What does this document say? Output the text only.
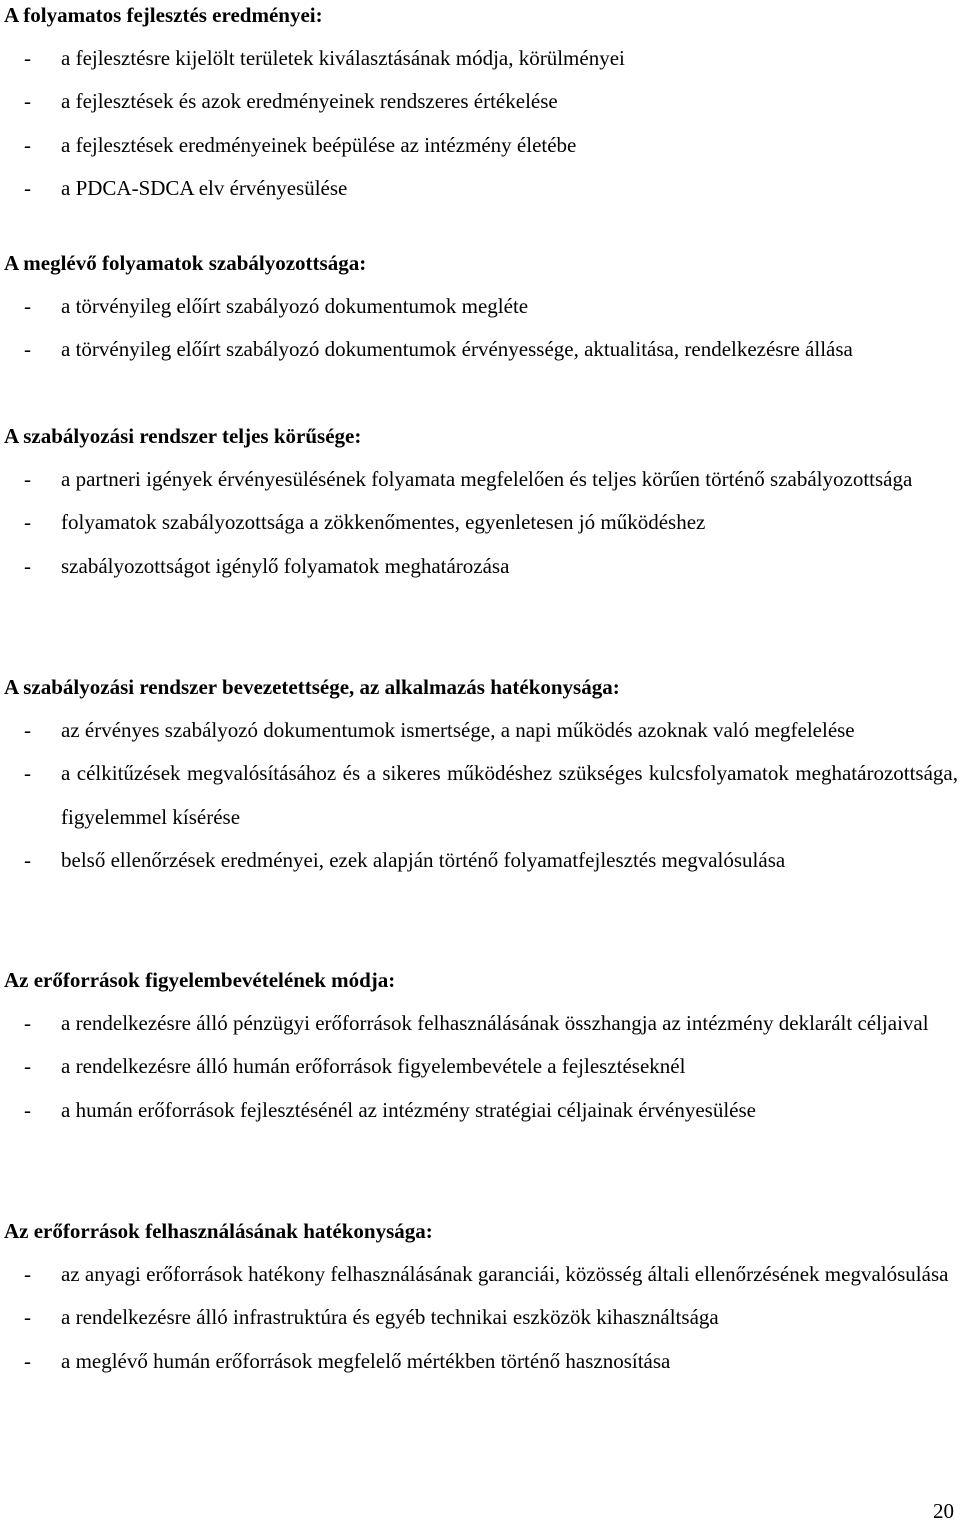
A folyamatos fejlesztés eredményei:
- a fejlesztésre kijelölt területek kiválasztásának módja, körülményei
- a fejlesztések és azok eredményeinek rendszeres értékelése
- a fejlesztések eredményeinek beépülése az intézmény életébe
- a PDCA-SDCA elv érvényesülése
A meglévő folyamatok szabályozottsága:
- a törvényileg előírt szabályozó dokumentumok megléte
- a törvényileg előírt szabályozó dokumentumok érvényessége, aktualitása, rendelkezésre állása
A szabályozási rendszer teljes körűsége:
- a partneri igények érvényesülésének folyamata megfelelően és teljes körűen történő szabályozottsága
- folyamatok szabályozottsága a zökkenőmentes, egyenletesen jó működéshez
- szabályozottságot igénylő folyamatok meghatározása
A szabályozási rendszer bevezetettsége, az alkalmazás hatékonysága:
- az érvényes szabályozó dokumentumok ismertsége, a napi működés azoknak való megfelelése
- a célkitűzések megvalósításához és a sikeres működéshez szükséges kulcsfolyamatok meghatározottsága, figyelemmel kísérése
- belső ellenőrzések eredményei, ezek alapján történő folyamatfejlesztés megvalósulása
Az erőforrások figyelembevételének módja:
- a rendelkezésre álló pénzügyi erőforrások felhasználásának összhangja az intézmény deklarált céljaival
- a rendelkezésre álló humán erőforrások figyelembevétele a fejlesztéseknél
- a humán erőforrások fejlesztésénél az intézmény stratégiai céljainak érvényesülése
Az erőforrások felhasználásának hatékonysága:
- az anyagi erőforrások hatékony felhasználásának garanciái, közösség általi ellenőrzésének megvalósulása
- a rendelkezésre álló infrastruktúra és egyéb technikai eszközök kihasználtsága
- a meglévő humán erőforrások megfelelő mértékben történő hasznosítása
20
